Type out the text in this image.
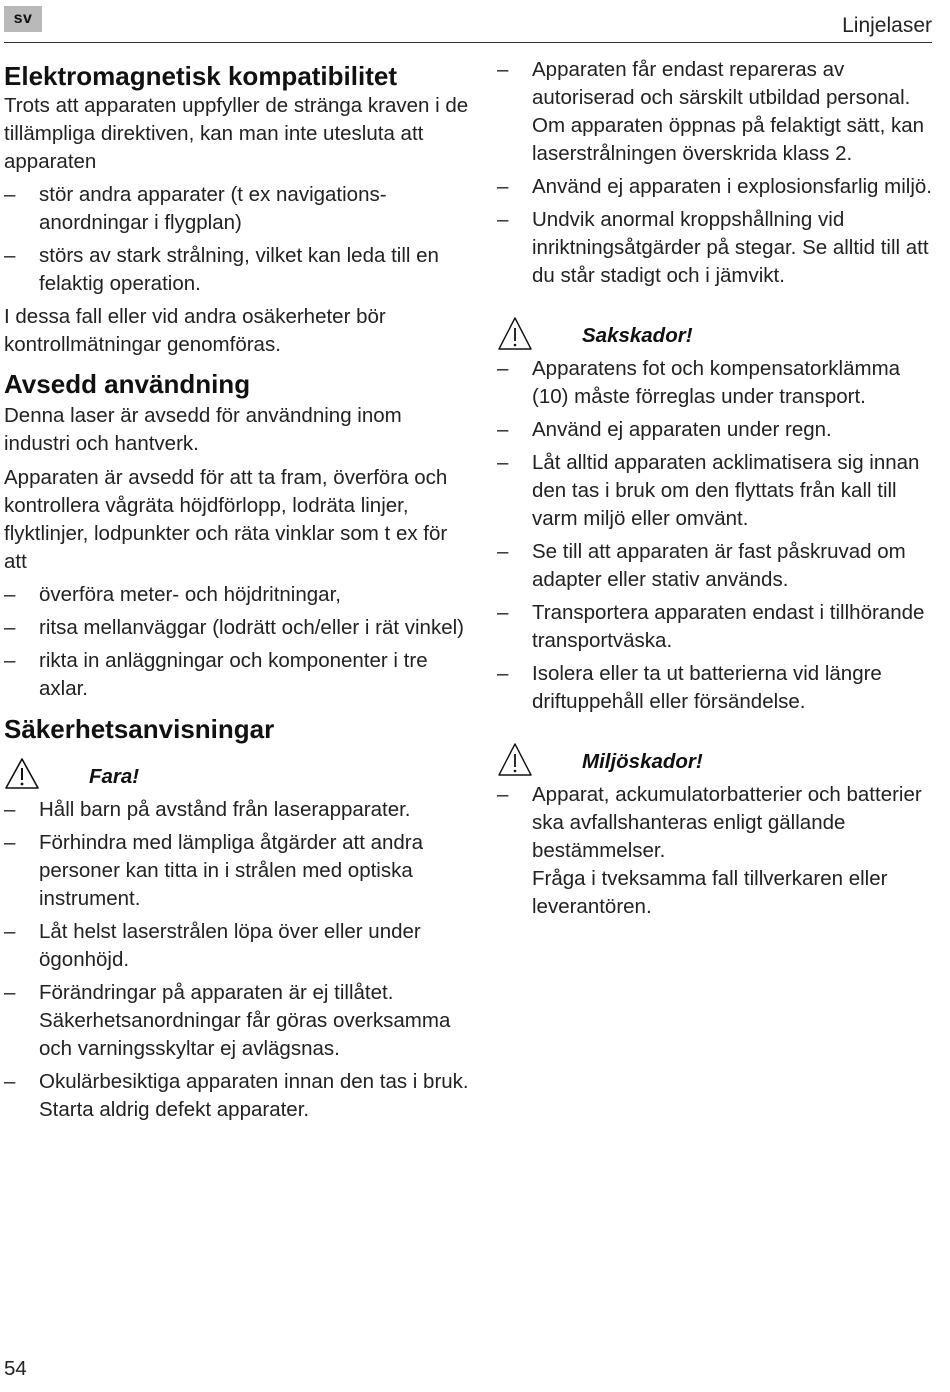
sv	Linjelaser
Elektromagnetisk kompatibilitet

Trots att apparaten uppfyller de stränga kraven i de tillämpliga direktiven, kan man inte utesluta att apparaten

– stör andra apparater (t ex navigations-anordningar i flygplan)
– störs av stark strålning, vilket kan leda till en felaktig operation.

I dessa fall eller vid andra osäkerheter bör kontrollmätningar genomföras.

Avsedd användning

Denna laser är avsedd för användning inom industri och hantverk.

Apparaten är avsedd för att ta fram, överföra och kontrollera vågräta höjdförlopp, lodräta linjer, flyktlinjer, lodpunkter och räta vinklar som t ex för att

– överföra meter- och höjdritningar,
– ritsa mellanväggar (lodrätt och/eller i rät vinkel)
– rikta in anläggningar och komponenter i tre axlar.
Säkerhetsanvisningar
Fara!
– Håll barn på avstånd från laserapparater.
– Förhindra med lämpliga åtgärder att andra personer kan titta in i strålen med optiska instrument.
– Låt helst laserstrålen löpa över eller under ögonhöjd.
– Förändringar på apparaten är ej tillåtet. Säkerhetsanordningar får göras overksamma och varningsskyltar ej avlägsnas.
– Okulärbesiktiga apparaten innan den tas i bruk. Starta aldrig defekt apparater.
– Apparaten får endast repareras av autoriserad och särskilt utbildad personal. Om apparaten öppnas på felaktigt sätt, kan laserstrålningen överskrida klass 2.
– Använd ej apparaten i explosionsfarlig miljö.
– Undvik anormal kroppshållning vid inriktningsåtgärder på stegar. Se alltid till att du står stadigt och i jämvikt.
Sakskador!
– Apparatens fot och kompensatorklämma (10) måste förreglas under transport.
– Använd ej apparaten under regn.
– Låt alltid apparaten acklimatisera sig innan den tas i bruk om den flyttats från kall till varm miljö eller omvänt.
– Se till att apparaten är fast påskruvad om adapter eller stativ används.
– Transportera apparaten endast i tillhörande transportväska.
– Isolera eller ta ut batterierna vid längre driftuppehåll eller försändelse.
Miljöskador!
– Apparat, ackumulatorbatterier och batterier ska avfallshanteras enligt gällande bestämmelser.
Fråga i tveksamma fall tillverkaren eller leverantören.
54
